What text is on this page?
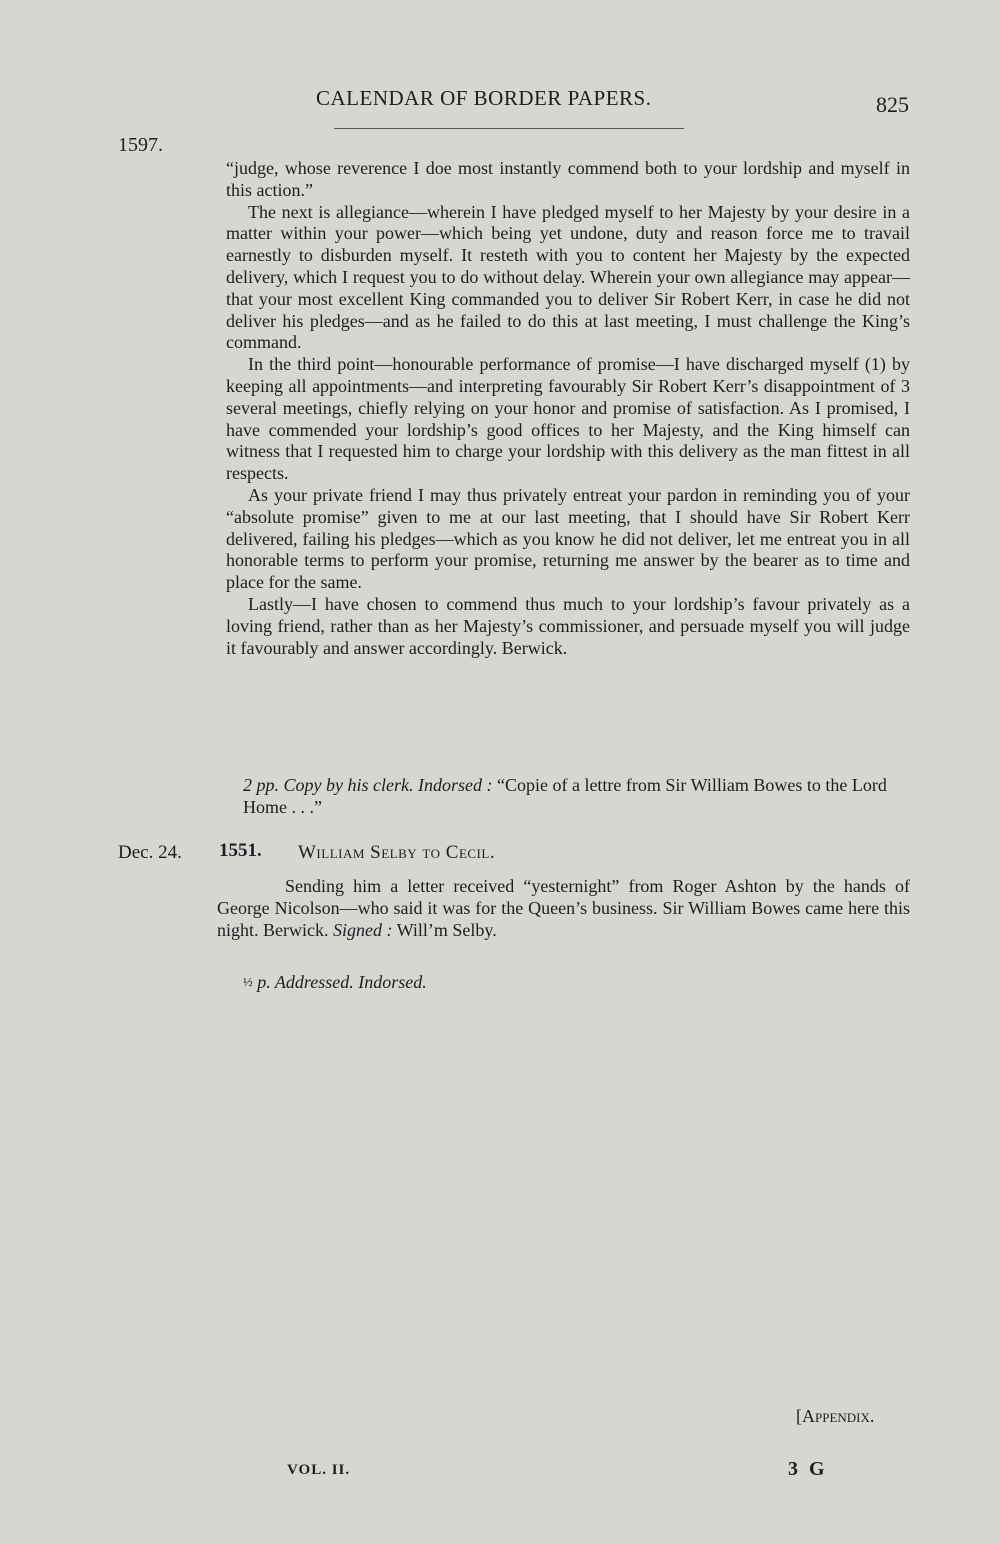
CALENDAR OF BORDER PAPERS.	825
1597.

“judge, whose reverence I doe most instantly commend both to your lordship and myself in this action.”

The next is allegiance—wherein I have pledged myself to her Majesty by your desire in a matter within your power—which being yet undone, duty and reason force me to travail earnestly to disburden myself. It resteth with you to content her Majesty by the expected delivery, which I request you to do without delay. Wherein your own allegiance may appear—that your most excellent King commanded you to deliver Sir Robert Kerr, in case he did not deliver his pledges—and as he failed to do this at last meeting, I must challenge the King’s command.

In the third point—honourable performance of promise—I have discharged myself (1) by keeping all appointments—and interpreting favourably Sir Robert Kerr’s disappointment of 3 several meetings, chiefly relying on your honor and promise of satisfaction. As I promised, I have commended your lordship’s good offices to her Majesty, and the King himself can witness that I requested him to charge your lordship with this delivery as the man fittest in all respects.

As your private friend I may thus privately entreat your pardon in reminding you of your “absolute promise” given to me at our last meeting, that I should have Sir Robert Kerr delivered, failing his pledges—which as you know he did not deliver, let me entreat you in all honorable terms to perform your promise, returning me answer by the bearer as to time and place for the same.

Lastly—I have chosen to commend thus much to your lordship’s favour privately as a loving friend, rather than as her Majesty’s commissioner, and persuade myself you will judge it favourably and answer accordingly. Berwick.

2 pp. Copy by his clerk. Indorsed : “Copie of a lettre from Sir William Bowes to the Lord Home . . .”
Dec. 24. 1551. William Selby to Cecil.

Sending him a letter received “yesternight” from Roger Ashton by the hands of George Nicolson—who said it was for the Queen’s business. Sir William Bowes came here this night. Berwick. Signed : Will’m Selby.

½ p. Addressed. Indorsed.
[Appendix.
VOL. II.	3 G
